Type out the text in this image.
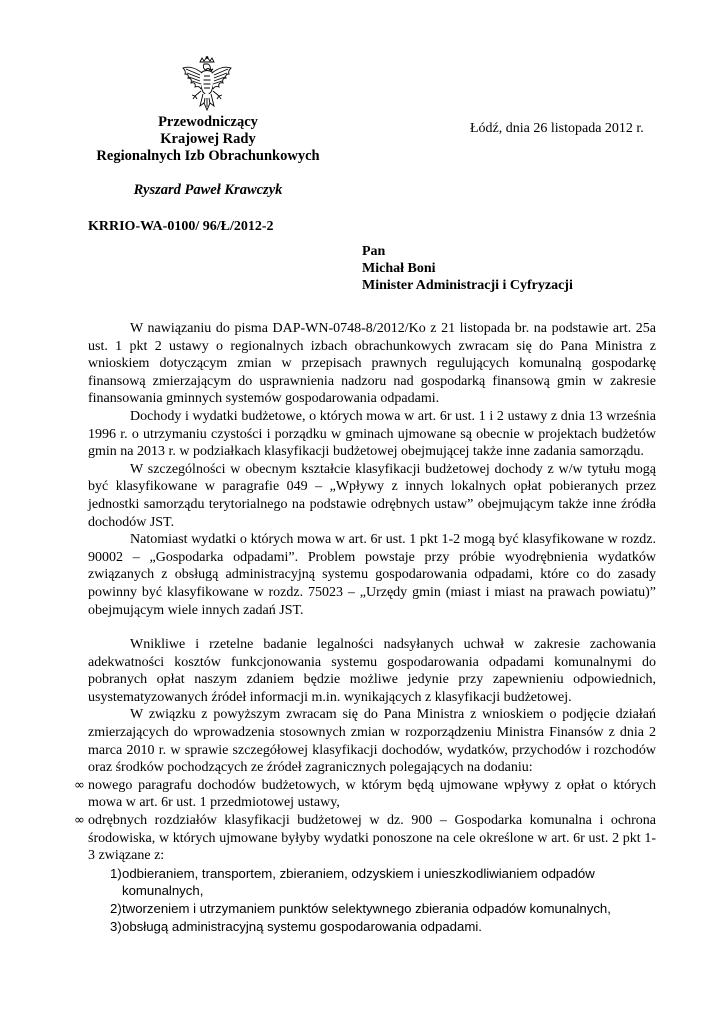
Przewodniczący
Krajowej Rady
Regionalnych Izb Obrachunkowych
Ryszard Paweł Krawczyk
Łódź, dnia 26 listopada 2012 r.
KRRIO-WA-0100/ 96/Ł/2012-2
Pan
Michał Boni
Minister Administracji i Cyfryzacji

W nawiązaniu do pisma DAP-WN-0748-8/2012/Ko z 21 listopada br. na podstawie art. 25a ust. 1 pkt 2 ustawy o regionalnych izbach obrachunkowych zwracam się do Pana Ministra z wnioskiem dotyczącym zmian w przepisach prawnych regulujących komunalną gospodarkę finansową zmierzającym do usprawnienia nadzoru nad gospodarką finansową gmin w zakresie finansowania gminnych systemów gospodarowania odpadami.

Dochody i wydatki budżetowe, o których mowa w art. 6r ust. 1 i 2 ustawy z dnia 13 września 1996 r. o utrzymaniu czystości i porządku w gminach ujmowane są obecnie w projektach budżetów gmin na 2013 r. w podziałkach klasyfikacji budżetowej obejmującej także inne zadania samorządu.

W szczególności w obecnym kształcie klasyfikacji budżetowej dochody z w/w tytułu mogą być klasyfikowane w paragrafie 049 – „Wpływy z innych lokalnych opłat pobieranych przez jednostki samorządu terytorialnego na podstawie odrębnych ustaw” obejmującym także inne źródła dochodów JST.

Natomiast wydatki o których mowa w art. 6r ust. 1 pkt 1-2 mogą być klasyfikowane w rozdz. 90002 – „Gospodarka odpadami”. Problem powstaje przy próbie wyodrębnienia wydatków związanych z obsługą administracyjną systemu gospodarowania odpadami, które co do zasady powinny być klasyfikowane w rozdz. 75023 – „Urzędy gmin (miast i miast na prawach powiatu)” obejmującym wiele innych zadań JST.

Wnikliwe i rzetelne badanie legalności nadsyłanych uchwał w zakresie zachowania adekwatności kosztów funkcjonowania systemu gospodarowania odpadami komunalnymi do pobranych opłat naszym zdaniem będzie możliwe jedynie przy zapewnieniu odpowiednich, usystematyzowanych źródeł informacji m.in. wynikających z klasyfikacji budżetowej.

W związku z powyższym zwracam się do Pana Ministra z wnioskiem o podjęcie działań zmierzających do wprowadzenia stosownych zmian w rozporządzeniu Ministra Finansów z dnia 2 marca 2010 r. w sprawie szczegółowej klasyfikacji dochodów, wydatków, przychodów i rozchodów oraz środków pochodzących ze źródeł zagranicznych polegających na dodaniu:

∞ nowego paragrafu dochodów budżetowych, w którym będą ujmowane wpływy z opłat o których mowa w art. 6r ust. 1 przedmiotowej ustawy,
∞ odrębnych rozdziałów klasyfikacji budżetowej w dz. 900 – Gospodarka komunalna i ochrona środowiska, w których ujmowane byłyby wydatki ponoszone na cele określone w art. 6r ust. 2 pkt 1-3 związane z:
1) odbieraniem, transportem, zbieraniem, odzyskiem i unieszkodliwianiem odpadów komunalnych,
2) tworzeniem i utrzymaniem punktów selektywnego zbierania odpadów komunalnych,
3) obsługą administracyjną systemu gospodarowania odpadami.
